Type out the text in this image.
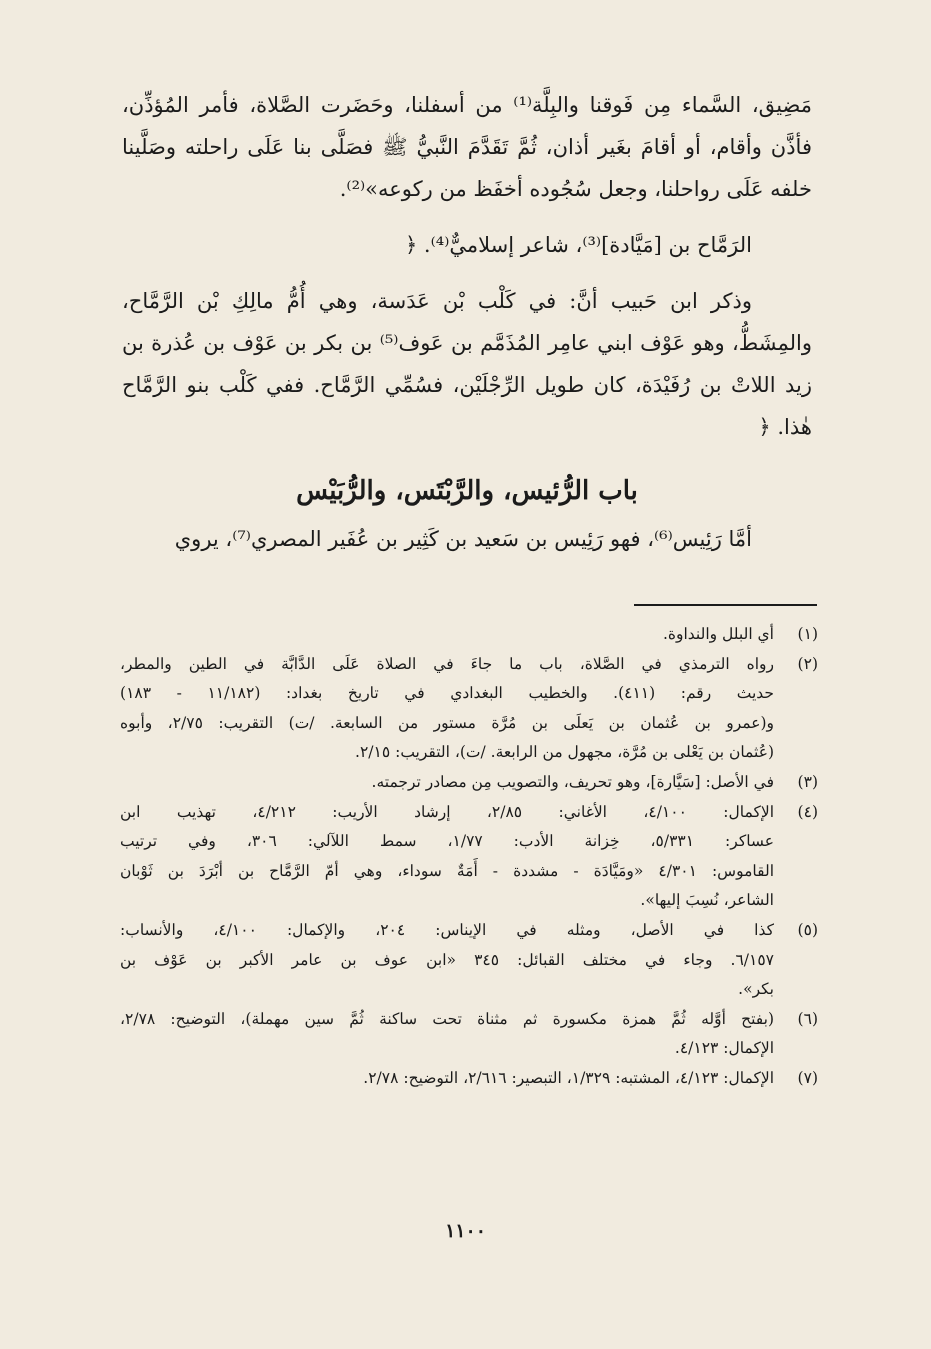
مَضِيق، السَّماء مِن فَوقنا والبِلَّة⁽¹⁾ من أسفلنا، وحَضَرت الصَّلاة، فأمر المُؤذِّن، فأذَّن وأقام، أو أقامَ بغَير أذان، ثُمَّ تَقَدَّمَ النَّبيُّ ﷺ فصَلَّى بنا عَلَى راحلته وصَلَّينا خلفه عَلَى رواحلنا، وجعل سُجُوده أخفَظ من ركوعه»⁽²⁾.

الرَمَّاح بن [مَيَّادة]⁽³⁾، شاعر إسلاميٌّ⁽⁴⁾. ﴿

وذكر ابن حَبيب أنَّ: في كَلْب بْن عَدَسة، وهي أُمُّ مالِكِ بْن الرَّمَّاح، والمِشَطُّ، وهو عَوْف ابني عامِر المُذَمَّم بن عَوف⁽⁵⁾ بن بكر بن عَوْف بن عُذرة بن زيد اللاتْ بن رُفَيْدَة، كان طويل الرِّجْلَيْن، فسُمِّي الرَّمَّاح. ففي كَلْب بنو الرَّمَّاح هٰذا. ﴿

باب الرُّئيس، والرَّبْتَس، والرُّبَيْس

أمَّا رَئِيس⁽⁶⁾، فهو رَئِيس بن سَعيد بن كَثِير بن عُفَير المصري⁽⁷⁾، يروي

(١)
أي البلل والنداوة.
(٢)
رواه الترمذي في الصَّلاة، باب ما جاءَ في الصلاة عَلَى الدَّابَّة في الطين والمطر،
حديث رقم: (٤١١). والخطيب البغدادي في تاريخ بغداد: (١١/١٨٢ - ١٨٣)
و(عمرو بن عُثمان بن يَعلَى بن مُرَّة مستور من السابعة. /ت) التقريب: ٢/٧٥، وأبوه
(عُثمان بن يَعْلى بن مُرَّة، مجهول من الرابعة. /ت)، التقريب: ٢/١٥.
(٣)
في الأصل: [سَيَّارة]، وهو تحريف، والتصويب مِن مصادر ترجمته.
(٤)
الإكمال: ٤/١٠٠، الأغاني: ٢/٨٥، إرشاد الأريب: ٤/٢١٢، تهذيب ابن
عساكر: ٥/٣٣١، خِزانة الأدب: ١/٧٧، سمط اللآلي: ٣٠٦، وفي ترتيب
القاموس: ٤/٣٠١ «ومَيَّادَة - مشددة - أَمَةٌ سوداء، وهي أمّ الرَّمَّاح بن أبْرَدَ بن ثَوْبان
الشاعر، نُسِبَ إليها».
(٥)
كذا في الأصل، ومثله في الإيناس: ٢٠٤، والإكمال: ٤/١٠٠، والأنساب:
٦/١٥٧. وجاء في مختلف القبائل: ٣٤٥ «ابن عوف بن عامر الأكبر بن عَوْف بن
بكر».
(٦)
(بفتح أوَّله ثُمَّ همزة مكسورة ثم مثناة تحت ساكنة ثُمَّ سين مهملة)، التوضيح: ٢/٧٨،
الإكمال: ٤/١٢٣.
(٧)
الإكمال: ٤/١٢٣، المشتبه: ١/٣٢٩، التبصير: ٢/٦١٦، التوضيح: ٢/٧٨.
١١٠٠
